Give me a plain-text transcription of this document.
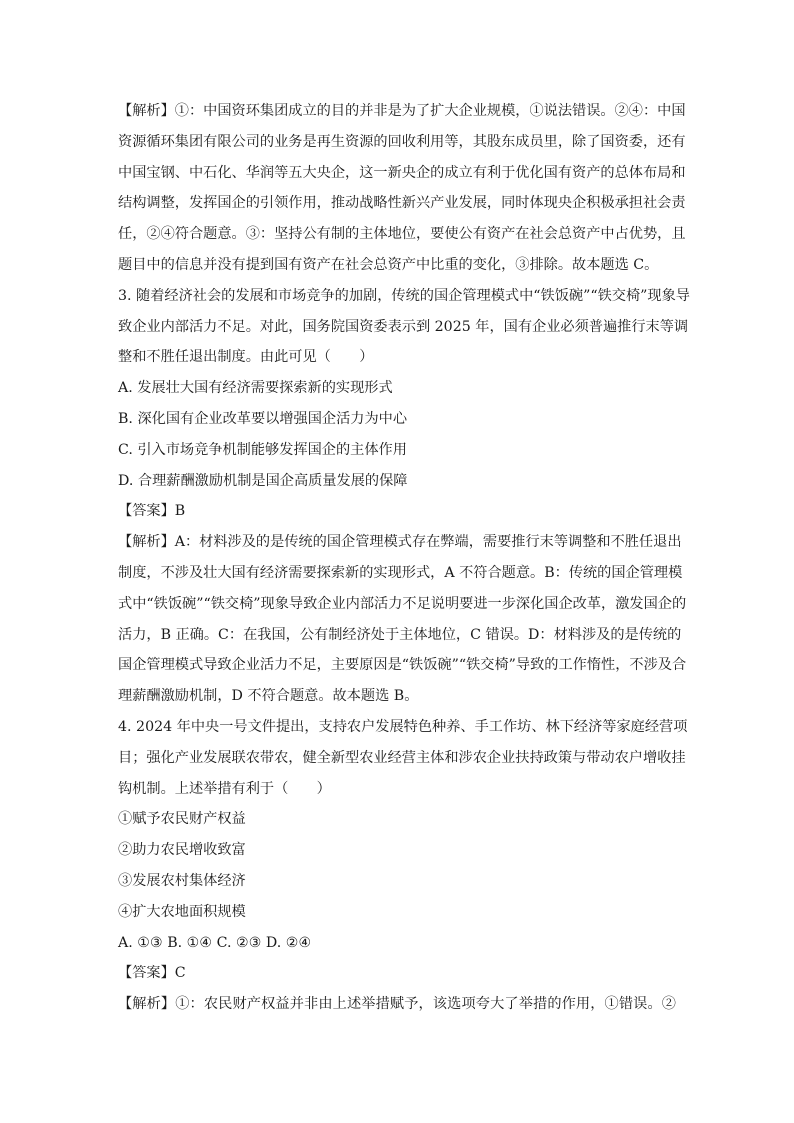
【解析】①：中国资环集团成立的目的并非是为了扩大企业规模，①说法错误。②④：中国
资源循环集团有限公司的业务是再生资源的回收利用等，其股东成员里，除了国资委，还有
中国宝钢、中石化、华润等五大央企，这一新央企的成立有利于优化国有资产的总体布局和
结构调整，发挥国企的引领作用，推动战略性新兴产业发展，同时体现央企积极承担社会责
任，②④符合题意。③：坚持公有制的主体地位，要使公有资产在社会总资产中占优势，且
题目中的信息并没有提到国有资产在社会总资产中比重的变化，③排除。故本题选 C。
3. 随着经济社会的发展和市场竞争的加剧，传统的国企管理模式中“铁饭碗”“铁交椅”现象导
致企业内部活力不足。对此，国务院国资委表示到 2025 年，国有企业必须普遍推行末等调
整和不胜任退出制度。由此可见（　　）
A. 发展壮大国有经济需要探索新的实现形式
B. 深化国有企业改革要以增强国企活力为中心
C. 引入市场竞争机制能够发挥国企的主体作用
D. 合理薪酬激励机制是国企高质量发展的保障
【答案】B
【解析】A：材料涉及的是传统的国企管理模式存在弊端，需要推行末等调整和不胜任退出
制度，不涉及壮大国有经济需要探索新的实现形式，A 不符合题意。B：传统的国企管理模
式中“铁饭碗”“铁交椅”现象导致企业内部活力不足说明要进一步深化国企改革，激发国企的
活力，B 正确。C：在我国，公有制经济处于主体地位，C 错误。D：材料涉及的是传统的
国企管理模式导致企业活力不足，主要原因是“铁饭碗”“铁交椅”导致的工作惰性，不涉及合
理薪酬激励机制，D 不符合题意。故本题选 B。
4. 2024 年中央一号文件提出，支持农户发展特色种养、手工作坊、林下经济等家庭经营项
目；强化产业发展联农带农，健全新型农业经营主体和涉农企业扶持政策与带动农户增收挂
钩机制。上述举措有利于（　　）
①赋予农民财产权益
②助力农民增收致富
③发展农村集体经济
④扩大农地面积规模
A. ①③ B. ①④ C. ②③ D. ②④
【答案】C
【解析】①：农民财产权益并非由上述举措赋予，该选项夸大了举措的作用，①错误。②
